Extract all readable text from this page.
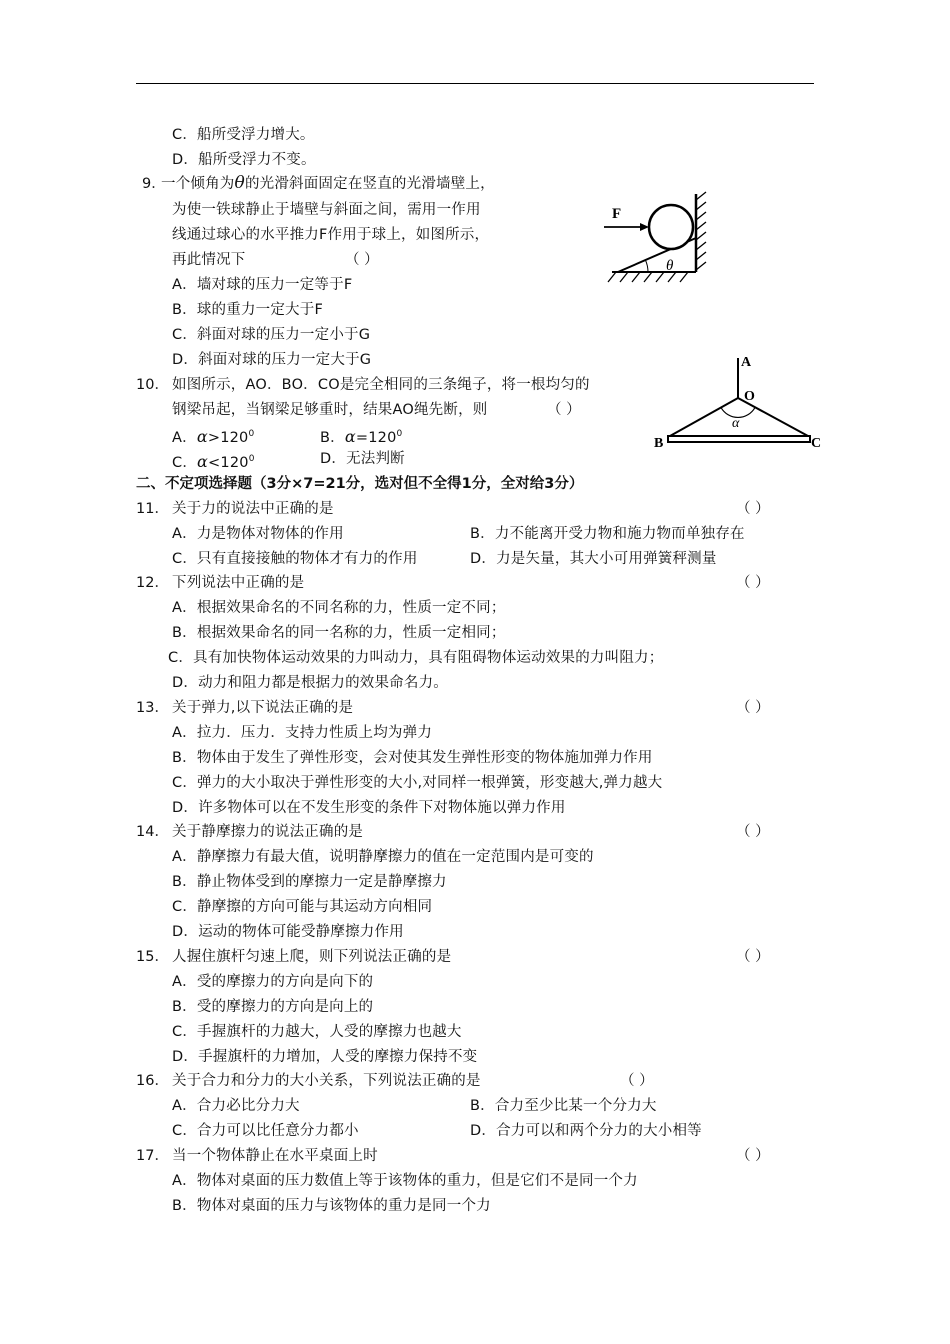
C．船所受浮力增大。
D．船所受浮力不变。
9．
一个倾角为θ的光滑斜面固定在竖直的光滑墙壁上，
为使一铁球静止于墙壁与斜面之间，需用一作用
线通过球心的水平推力F作用于球上，如图所示，
再此情况下	（ ）
A．墙对球的压力一定等于F
B．球的重力一定大于F
C．斜面对球的压力一定小于G
D．斜面对球的压力一定大于G
θ
F
10． 如图所示，AO．BO．CO是完全相同的三条绳子，将一根均匀的
钢梁吊起，当钢梁足够重时，结果AO绳先断，则	（ ）
A．$\alpha>120^0$	B．$\alpha=120^0$
C．$\alpha<120^0$	D．无法判断
A
O
α
B	C
二、不定项选择题（3分×7=21分，选对但不全得1分，全对给3分）
11． 关于力的说法中正确的是	（ ）
A．力是物体对物体的作用	B．力不能离开受力物和施力物而单独存在
C．只有直接接触的物体才有力的作用	D．力是矢量，其大小可用弹簧秤测量
12． 下列说法中正确的是	（ ）
A．根据效果命名的不同名称的力，性质一定不同；
B．根据效果命名的同一名称的力，性质一定相同；
C．具有加快物体运动效果的力叫动力，具有阻碍物体运动效果的力叫阻力；
D．动力和阻力都是根据力的效果命名力。
13． 关于弹力,以下说法正确的是	（ ）
A．拉力．压力．支持力性质上均为弹力
B．物体由于发生了弹性形变，会对使其发生弹性形变的物体施加弹力作用
C．弹力的大小取决于弹性形变的大小,对同样一根弹簧，形变越大,弹力越大
D．许多物体可以在不发生形变的条件下对物体施以弹力作用
14． 关于静摩擦力的说法正确的是	（ ）
A．静摩擦力有最大值，说明静摩擦力的值在一定范围内是可变的
B．静止物体受到的摩擦力一定是静摩擦力
C．静摩擦的方向可能与其运动方向相同
D．运动的物体可能受静摩擦力作用
15． 人握住旗杆匀速上爬，则下列说法正确的是	（ ）
A．受的摩擦力的方向是向下的
B．受的摩擦力的方向是向上的
C．手握旗杆的力越大，人受的摩擦力也越大
D．手握旗杆的力增加，人受的摩擦力保持不变
16． 关于合力和分力的大小关系，下列说法正确的是	（ ）
A．合力必比分力大	B．合力至少比某一个分力大
C．合力可以比任意分力都小	D．合力可以和两个分力的大小相等
17． 当一个物体静止在水平桌面上时	（ ）
A．物体对桌面的压力数值上等于该物体的重力，但是它们不是同一个力
B．物体对桌面的压力与该物体的重力是同一个力
